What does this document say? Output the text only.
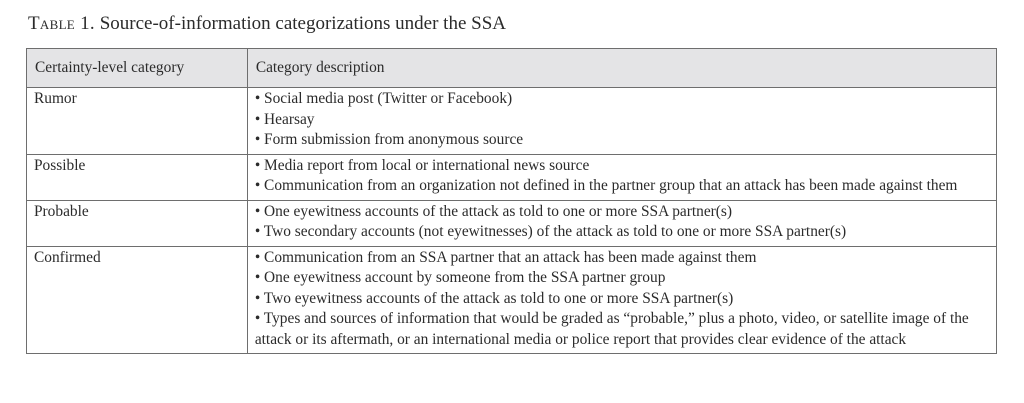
Table 1. Source-of-information categorizations under the SSA
Certainty-level category	Category description
Rumor	• Social media post (Twitter or Facebook)
• Hearsay
• Form submission from anonymous source

Possible	• Media report from local or international news source
• Communication from an organization not defined in the partner group that an attack has been made against them

Probable	• One eyewitness accounts of the attack as told to one or more SSA partner(s)
• Two secondary accounts (not eyewitnesses) of the attack as told to one or more SSA partner(s)

Confirmed	• Communication from an SSA partner that an attack has been made against them
• One eyewitness account by someone from the SSA partner group
• Two eyewitness accounts of the attack as told to one or more SSA partner(s)
• Types and sources of information that would be graded as “probable,” plus a photo, video, or satellite image of the attack or its aftermath, or an international media or police report that provides clear evidence of the attack
